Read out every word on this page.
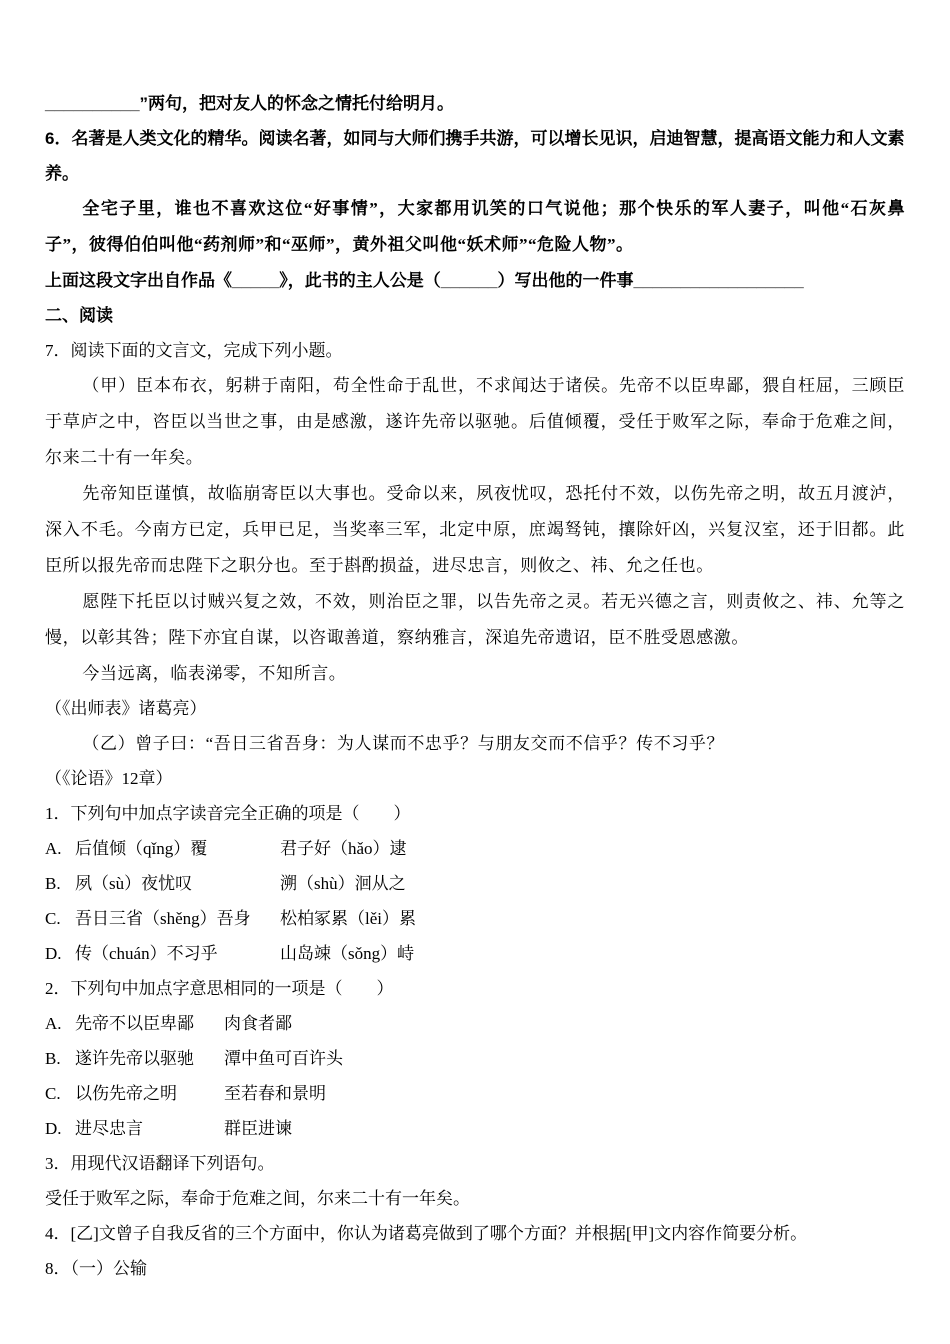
__________”两句，把对友人的怀念之情托付给明月。
6．名著是人类文化的精华。阅读名著，如同与大师们携手共游，可以增长见识，启迪智慧，提高语文能力和人文素养。
全宅子里，谁也不喜欢这位“好事情”，大家都用讥笑的口气说他；那个快乐的军人妻子，叫他“石灰鼻子”，彼得伯伯叫他“药剂师”和“巫师”，黄外祖父叫他“妖术师”“危险人物”。
上面这段文字出自作品《_____》，此书的主人公是（______）写出他的一件事__________________
二、阅读
7．阅读下面的文言文，完成下列小题。
（甲）臣本布衣，躬耕于南阳，苟全性命于乱世，不求闻达于诸侯。先帝不以臣卑鄙，猥自枉屈，三顾臣于草庐之中，咨臣以当世之事，由是感激，遂许先帝以驱驰。后值倾覆，受任于败军之际，奉命于危难之间，尔来二十有一年矣。
先帝知臣谨慎，故临崩寄臣以大事也。受命以来，夙夜忧叹，恐托付不效，以伤先帝之明，故五月渡泸，深入不毛。今南方已定，兵甲已足，当奖率三军，北定中原，庶竭驽钝，攘除奸凶，兴复汉室，还于旧都。此臣所以报先帝而忠陛下之职分也。至于斟酌损益，进尽忠言，则攸之、祎、允之任也。
愿陛下托臣以讨贼兴复之效，不效，则治臣之罪，以告先帝之灵。若无兴德之言，则责攸之、祎、允等之慢，以彰其咎；陛下亦宜自谋，以咨诹善道，察纳雅言，深追先帝遗诏，臣不胜受恩感激。
今当远离，临表涕零，不知所言。
（《出师表》诸葛亮）
（乙）曾子曰：“吾日三省吾身：为人谋而不忠乎？与朋友交而不信乎？传不习乎？
（《论语》12章）
1．下列句中加点字读音完全正确的项是（　　）
A. 后值倾（qǐng）覆	君子好（hǎo）逮
B. 夙（sù）夜忧叹	溯（shù）洄从之
C. 吾日三省（shěng）吾身	松柏冢累（lěi）累
D. 传（chuán）不习乎	山岛竦（sǒng）峙
2．下列句中加点字意思相同的一项是（　　）
A. 先帝不以臣卑鄙	肉食者鄙
B. 遂许先帝以驱驰	潭中鱼可百许头
C. 以伤先帝之明	至若春和景明
D. 进尽忠言	群臣进谏
3．用现代汉语翻译下列语句。
受任于败军之际，奉命于危难之间，尔来二十有一年矣。
4．[乙]文曾子自我反省的三个方面中，你认为诸葛亮做到了哪个方面？并根据[甲]文内容作简要分析。
8．（一）公输
